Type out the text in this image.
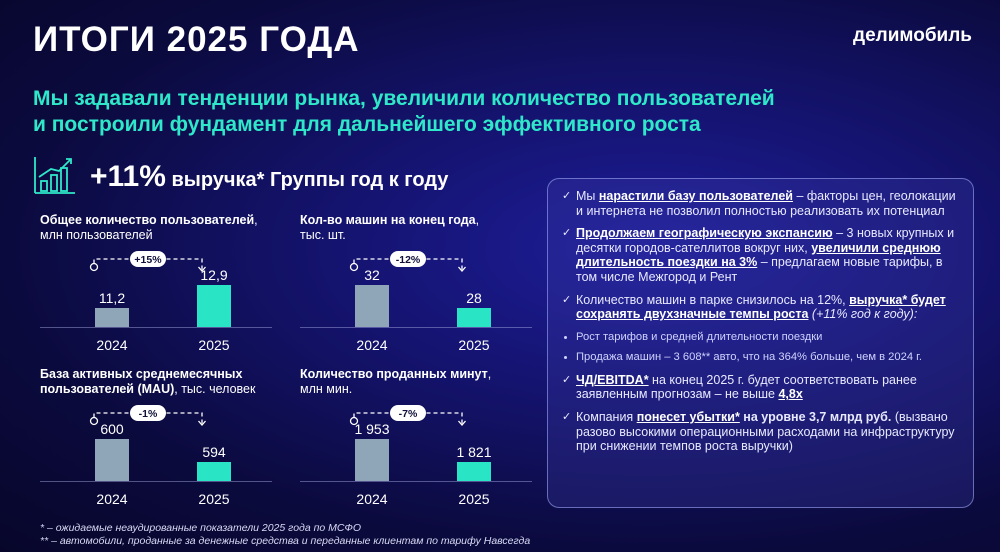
ИТОГИ 2025 ГОДА	делимобиль
Мы задавали тенденции рынка, увеличили количество пользователей
и построили фундамент для дальнейшего эффективного роста
+11% выручка* Группы год к году
Общее количество пользователей,
млн пользователей
11,2
2024
12,9
2025
+15%
Кол-во машин на конец года,
тыс. шт.
32
2024
28
2025
-12%
База активных среднемесячных
пользователей (MAU), тыс. человек
600
2024
594
2025
-1%
Количество проданных минут,
млн мин.
1 953
2024
1 821
2025
-7%
✓ Мы нарастили базу пользователей – факторы цен, геолокации и интернета не позволил полностью реализовать их потенциал
✓ Продолжаем географическую экспансию – 3 новых крупных и десятки городов-сателлитов вокруг них, увеличили среднюю длительность поездки на 3% – предлагаем новые тарифы, в том числе Межгород и Рент
✓ Количество машин в парке снизилось на 12%, выручка* будет сохранять двухзначные темпы роста (+11% год к году):
Рост тарифов и средней длительности поездки
Продажа машин – 3 608** авто, что на 364% больше, чем в 2024 г.
✓ ЧД/EBITDA* на конец 2025 г. будет соответствовать ранее заявленным прогнозам – не выше 4,8х
✓ Компания понесет убытки* на уровне 3,7 млрд руб. (вызвано разово высокими операционными расходами на инфраструктуру при снижении темпов роста выручки)
* – ожидаемые неаудированные показатели 2025 года по МСФО
** – автомобили, проданные за денежные средства и переданные клиентам по тарифу Навсегда
